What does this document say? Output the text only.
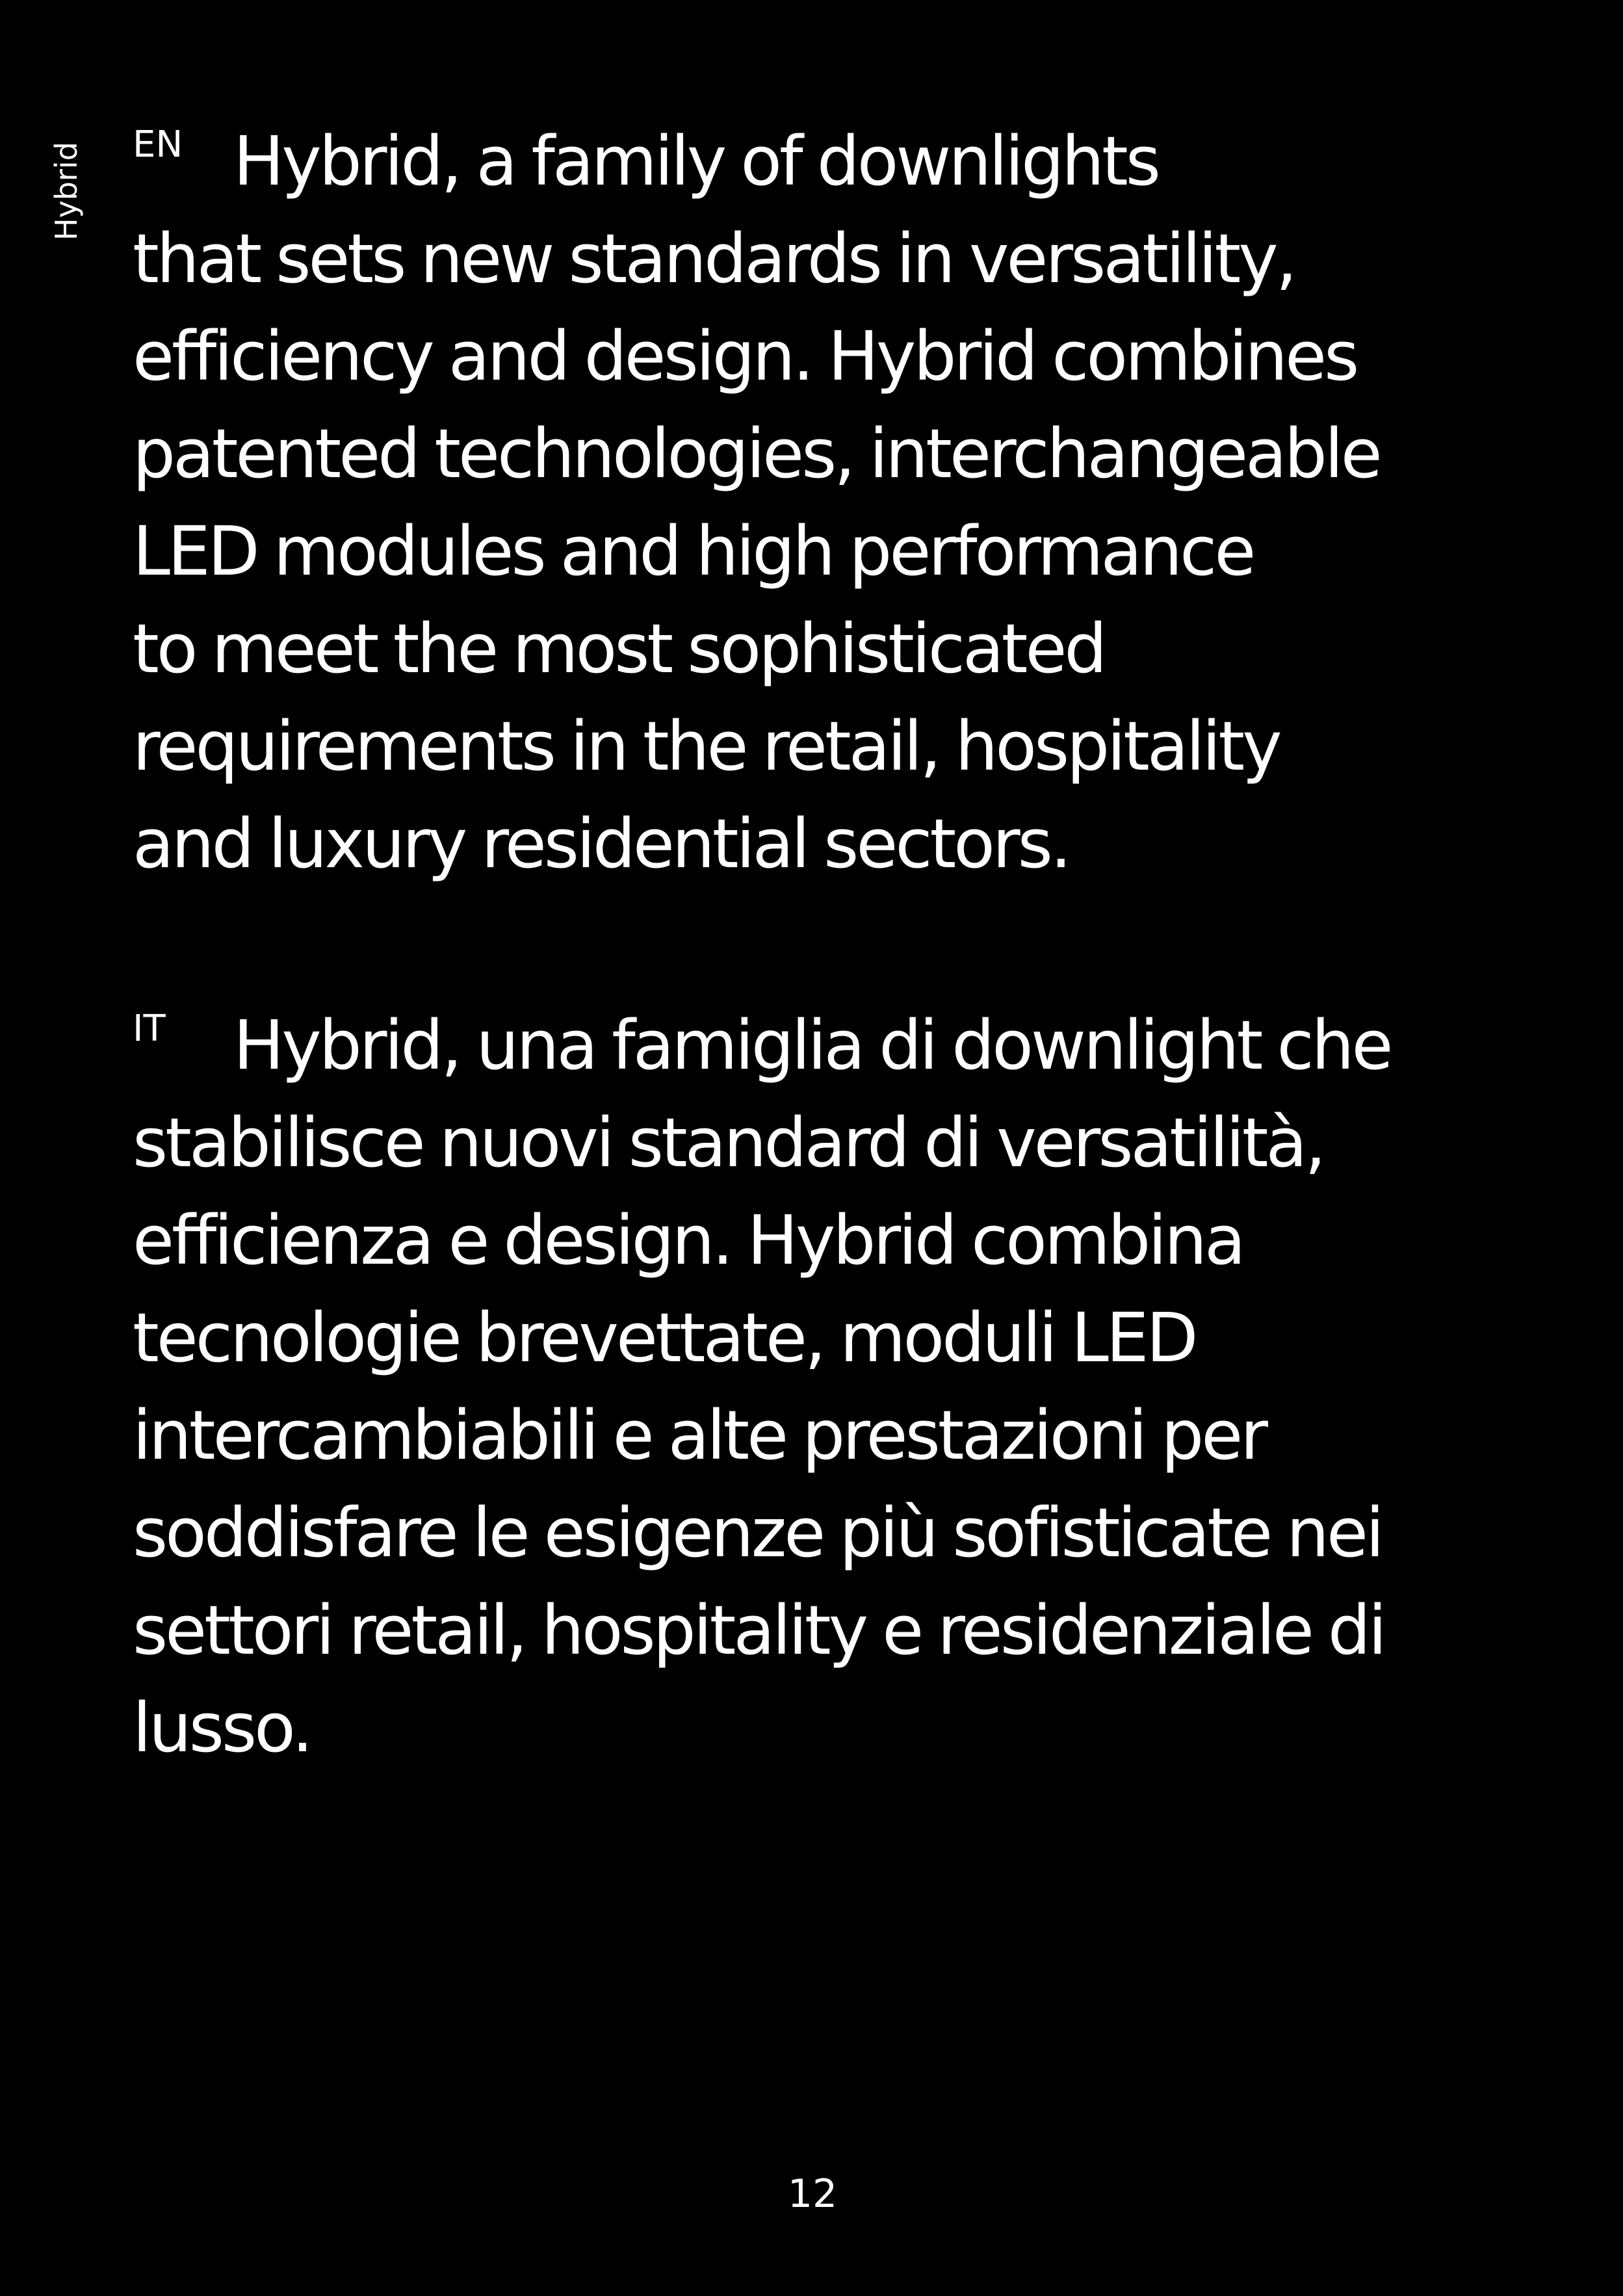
Hybrid EN Hybrid, a family of downlights
that sets new standards in versatility,
efficiency and design. Hybrid combines
patented technologies, interchangeable
LED modules and high performance
to meet the most sophisticated
requirements in the retail, hospitality
and luxury residential sectors.
IT Hybrid, una famiglia di downlight che
stabilisce nuovi standard di versatilità,
efficienza e design. Hybrid combina
tecnologie brevettate, moduli LED
intercambiabili e alte prestazioni per
soddisfare le esigenze più sofisticate nei
settori retail, hospitality e residenziale di
lusso.
12
